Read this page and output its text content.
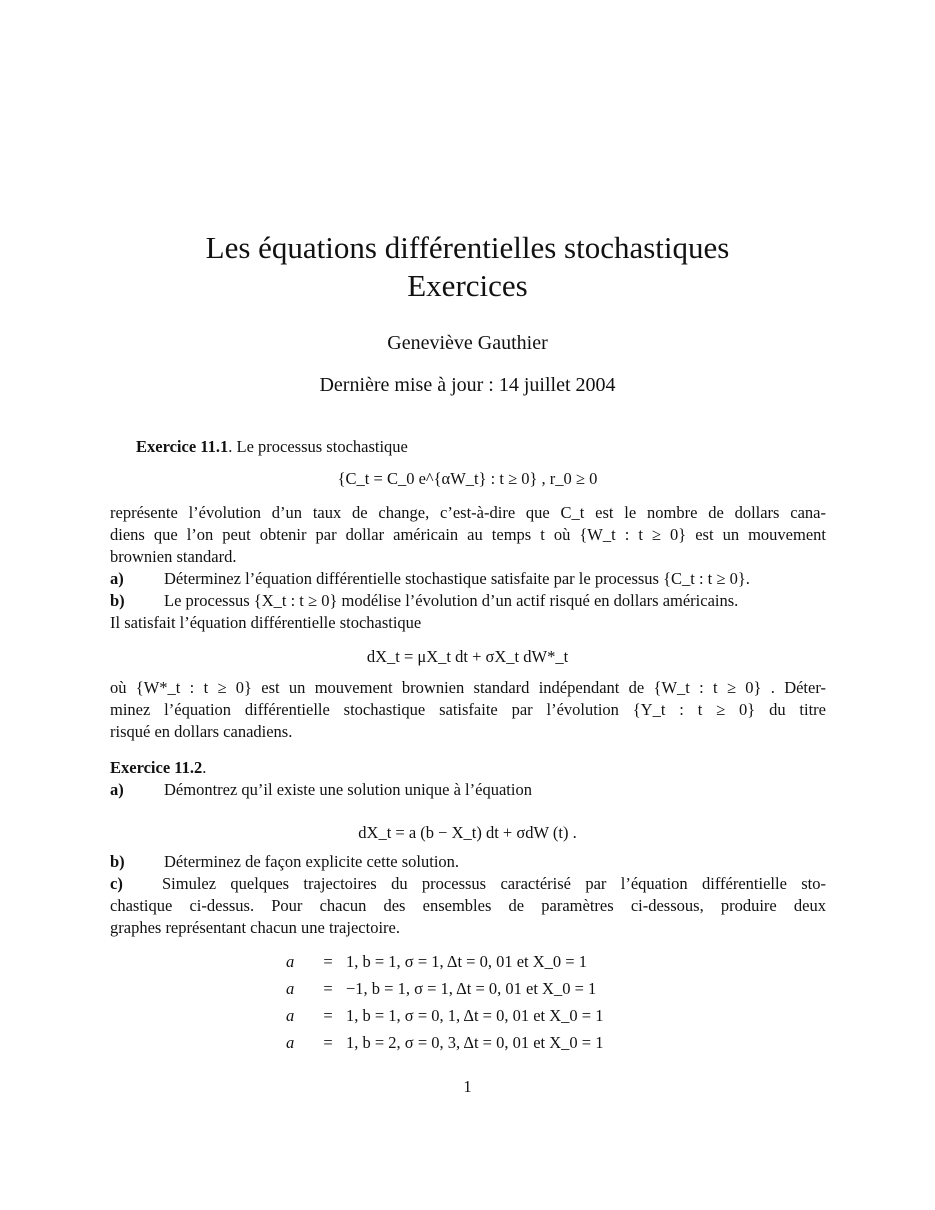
Les équations différentielles stochastiques
Exercices
Geneviève Gauthier
Dernière mise à jour : 14 juillet 2004
Exercice 11.1. Le processus stochastique
{C_t = C_0 e^{αW_t} : t ≥ 0} , r_0 ≥ 0
représente l’évolution d’un taux de change, c’est-à-dire que C_t est le nombre de dollars cana-
diens que l’on peut obtenir par dollar américain au temps t où {W_t : t ≥ 0} est un mouvement
brownien standard.
a) Déterminez l’équation différentielle stochastique satisfaite par le processus {C_t : t ≥ 0}.
b) Le processus {X_t : t ≥ 0} modélise l’évolution d’un actif risqué en dollars américains.
Il satisfait l’équation différentielle stochastique
dX_t = μX_t dt + σX_t dW*_t
où {W*_t : t ≥ 0} est un mouvement brownien standard indépendant de {W_t : t ≥ 0} . Déter-
minez l’équation différentielle stochastique satisfaite par l’évolution {Y_t : t ≥ 0} du titre
risqué en dollars canadiens.
Exercice 11.2.
a) Démontrez qu’il existe une solution unique à l’équation
dX_t = a (b − X_t) dt + σdW (t) .
b) Déterminez de façon explicite cette solution.
c) Simulez quelques trajectoires du processus caractérisé par l’équation différentielle sto-
chastique ci-dessus. Pour chacun des ensembles de paramètres ci-dessous, produire deux
graphes représentant chacun une trajectoire.
a	=	1, b = 1, σ = 1, Δt = 0, 01 et X_0 = 1
a	=	−1, b = 1, σ = 1, Δt = 0, 01 et X_0 = 1
a	=	1, b = 1, σ = 0, 1, Δt = 0, 01 et X_0 = 1
a	=	1, b = 2, σ = 0, 3, Δt = 0, 01 et X_0 = 1
1
